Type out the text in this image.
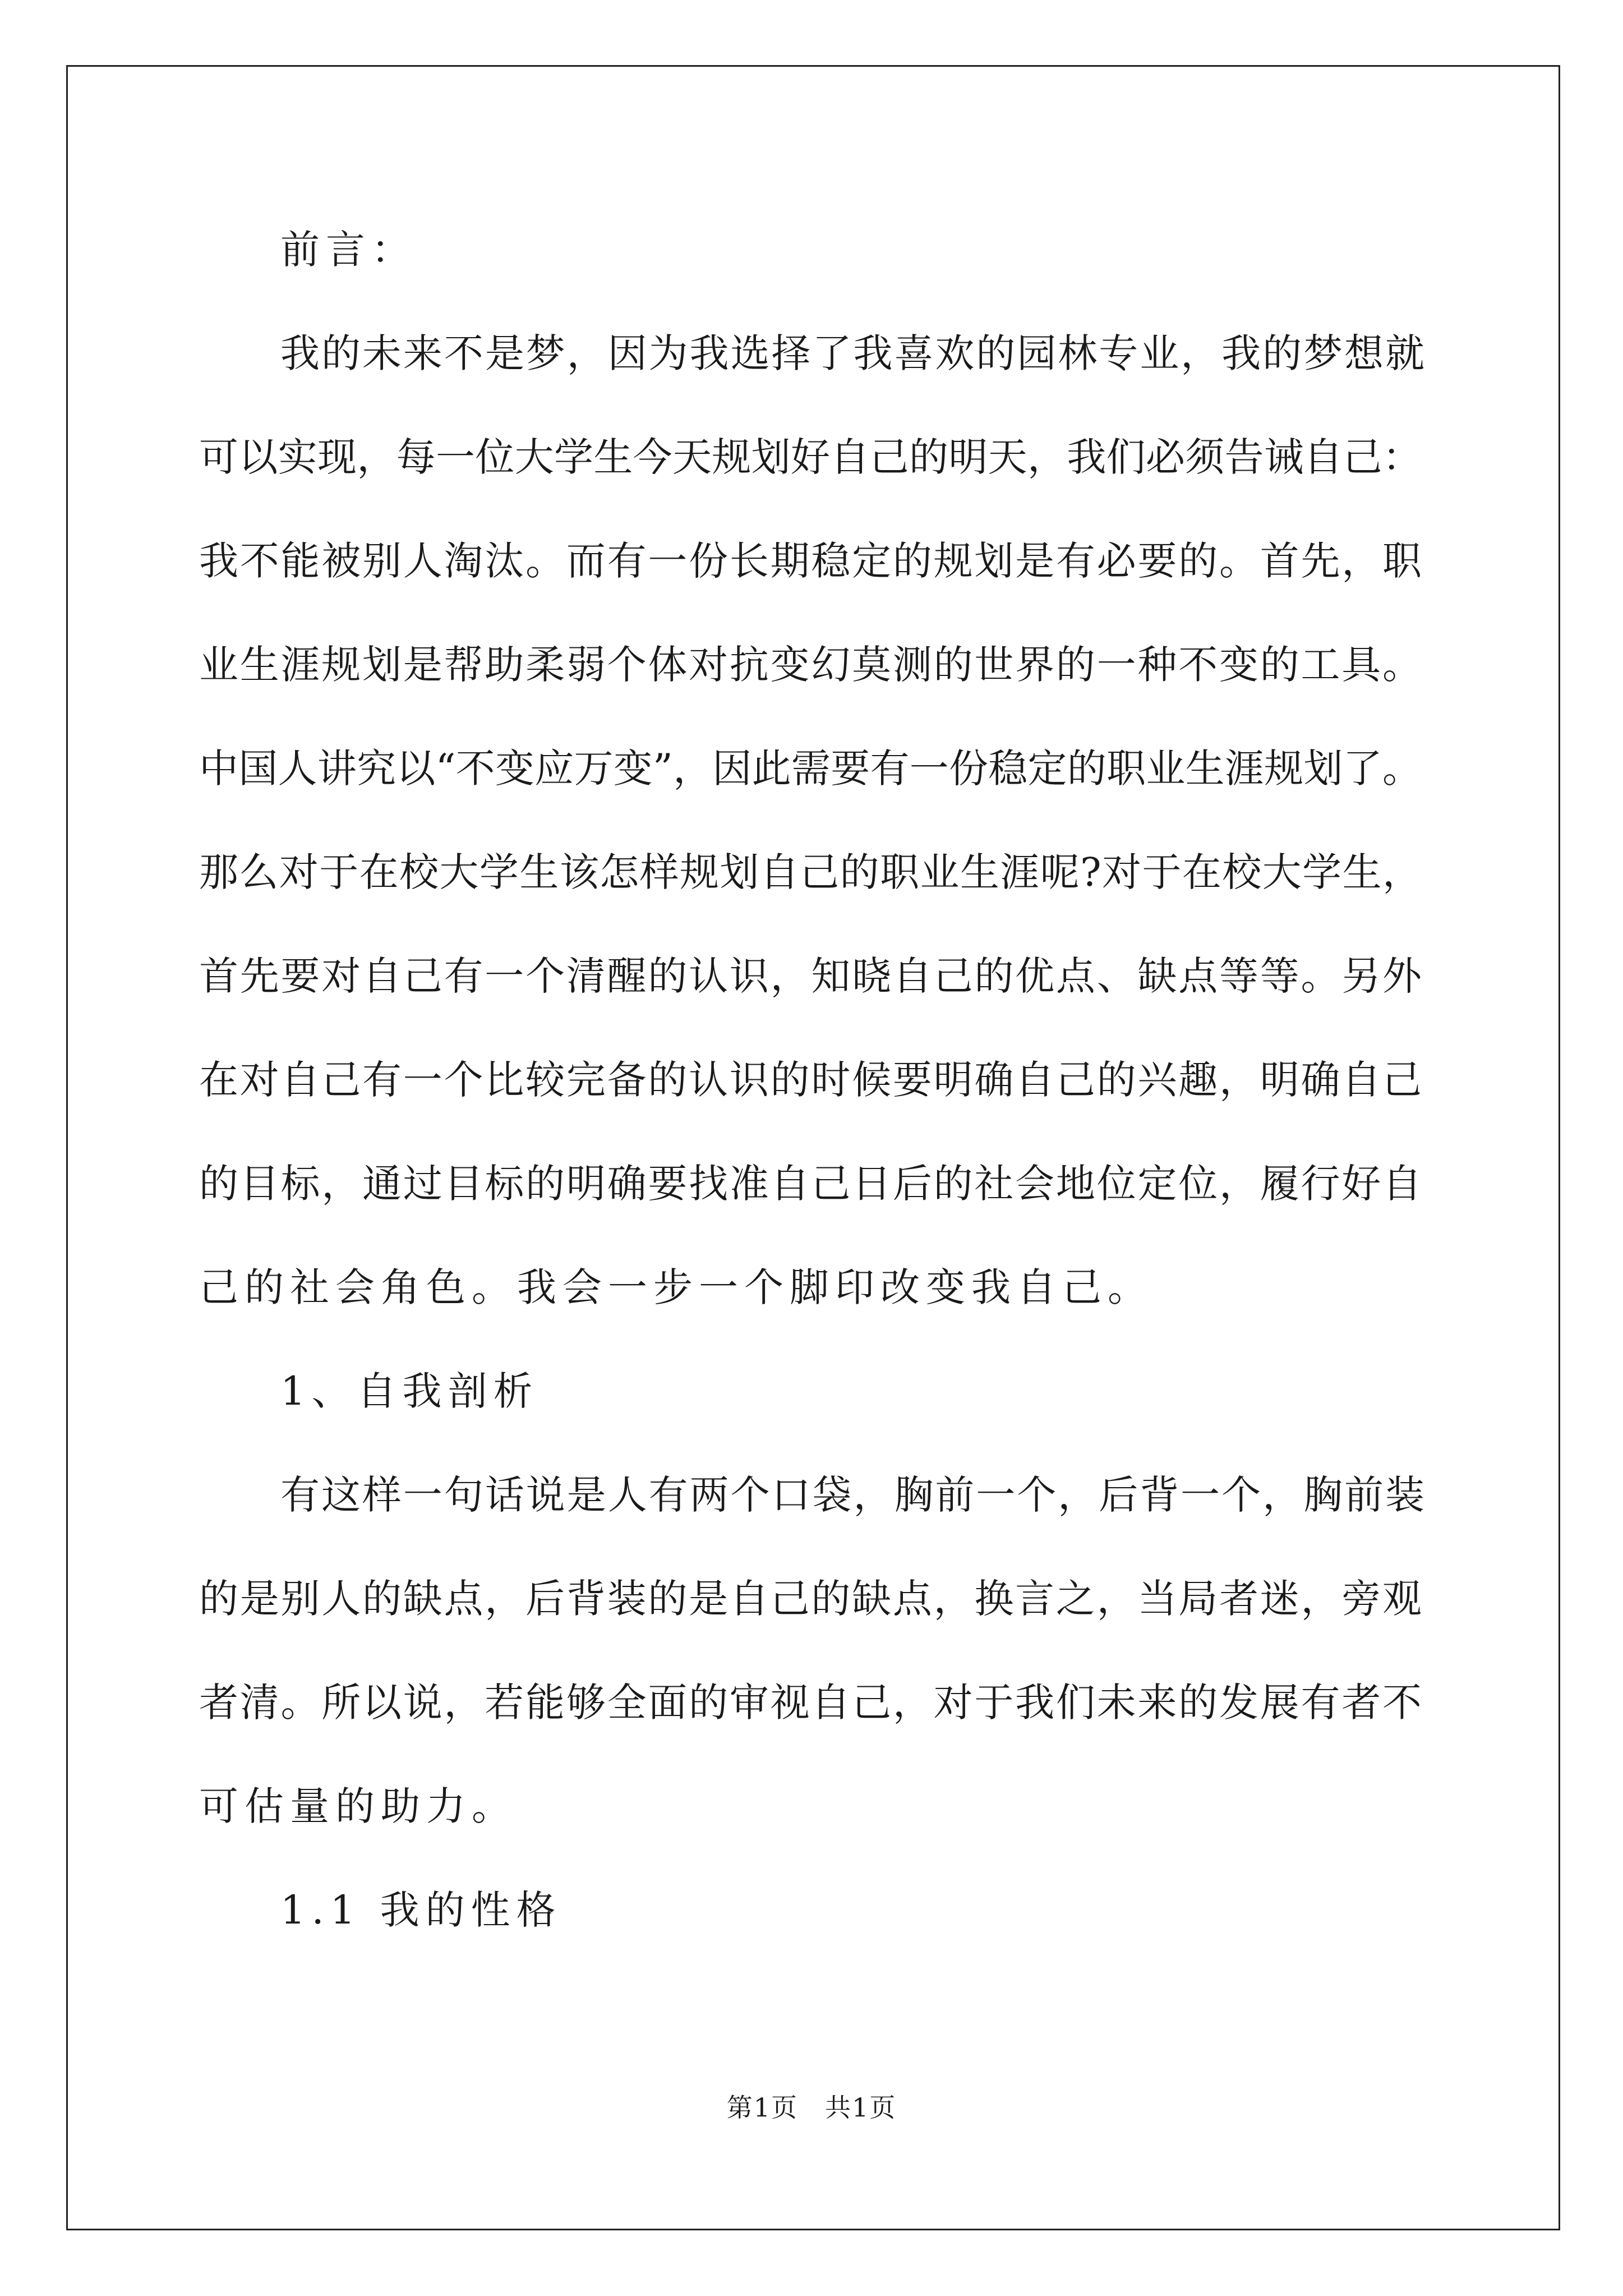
前言：
我的未来不是梦，因为我选择了我喜欢的园林专业，我的梦想就
可以实现，每一位大学生今天规划好自己的明天，我们必须告诫自己：
我不能被别人淘汰。而有一份长期稳定的规划是有必要的。首先，职
业生涯规划是帮助柔弱个体对抗变幻莫测的世界的一种不变的工具。
中国人讲究以“不变应万变”，因此需要有一份稳定的职业生涯规划了。
那么对于在校大学生该怎样规划自己的职业生涯呢?对于在校大学生，
首先要对自己有一个清醒的认识，知晓自己的优点、缺点等等。另外
在对自己有一个比较完备的认识的时候要明确自己的兴趣，明确自己
的目标，通过目标的明确要找准自己日后的社会地位定位，履行好自
己的社会角色。我会一步一个脚印改变我自己。
1、自我剖析
有这样一句话说是人有两个口袋，胸前一个，后背一个，胸前装
的是别人的缺点，后背装的是自己的缺点，换言之，当局者迷，旁观
者清。所以说，若能够全面的审视自己，对于我们未来的发展有者不
可估量的助力。
1.1 我的性格
第1页　共1页
